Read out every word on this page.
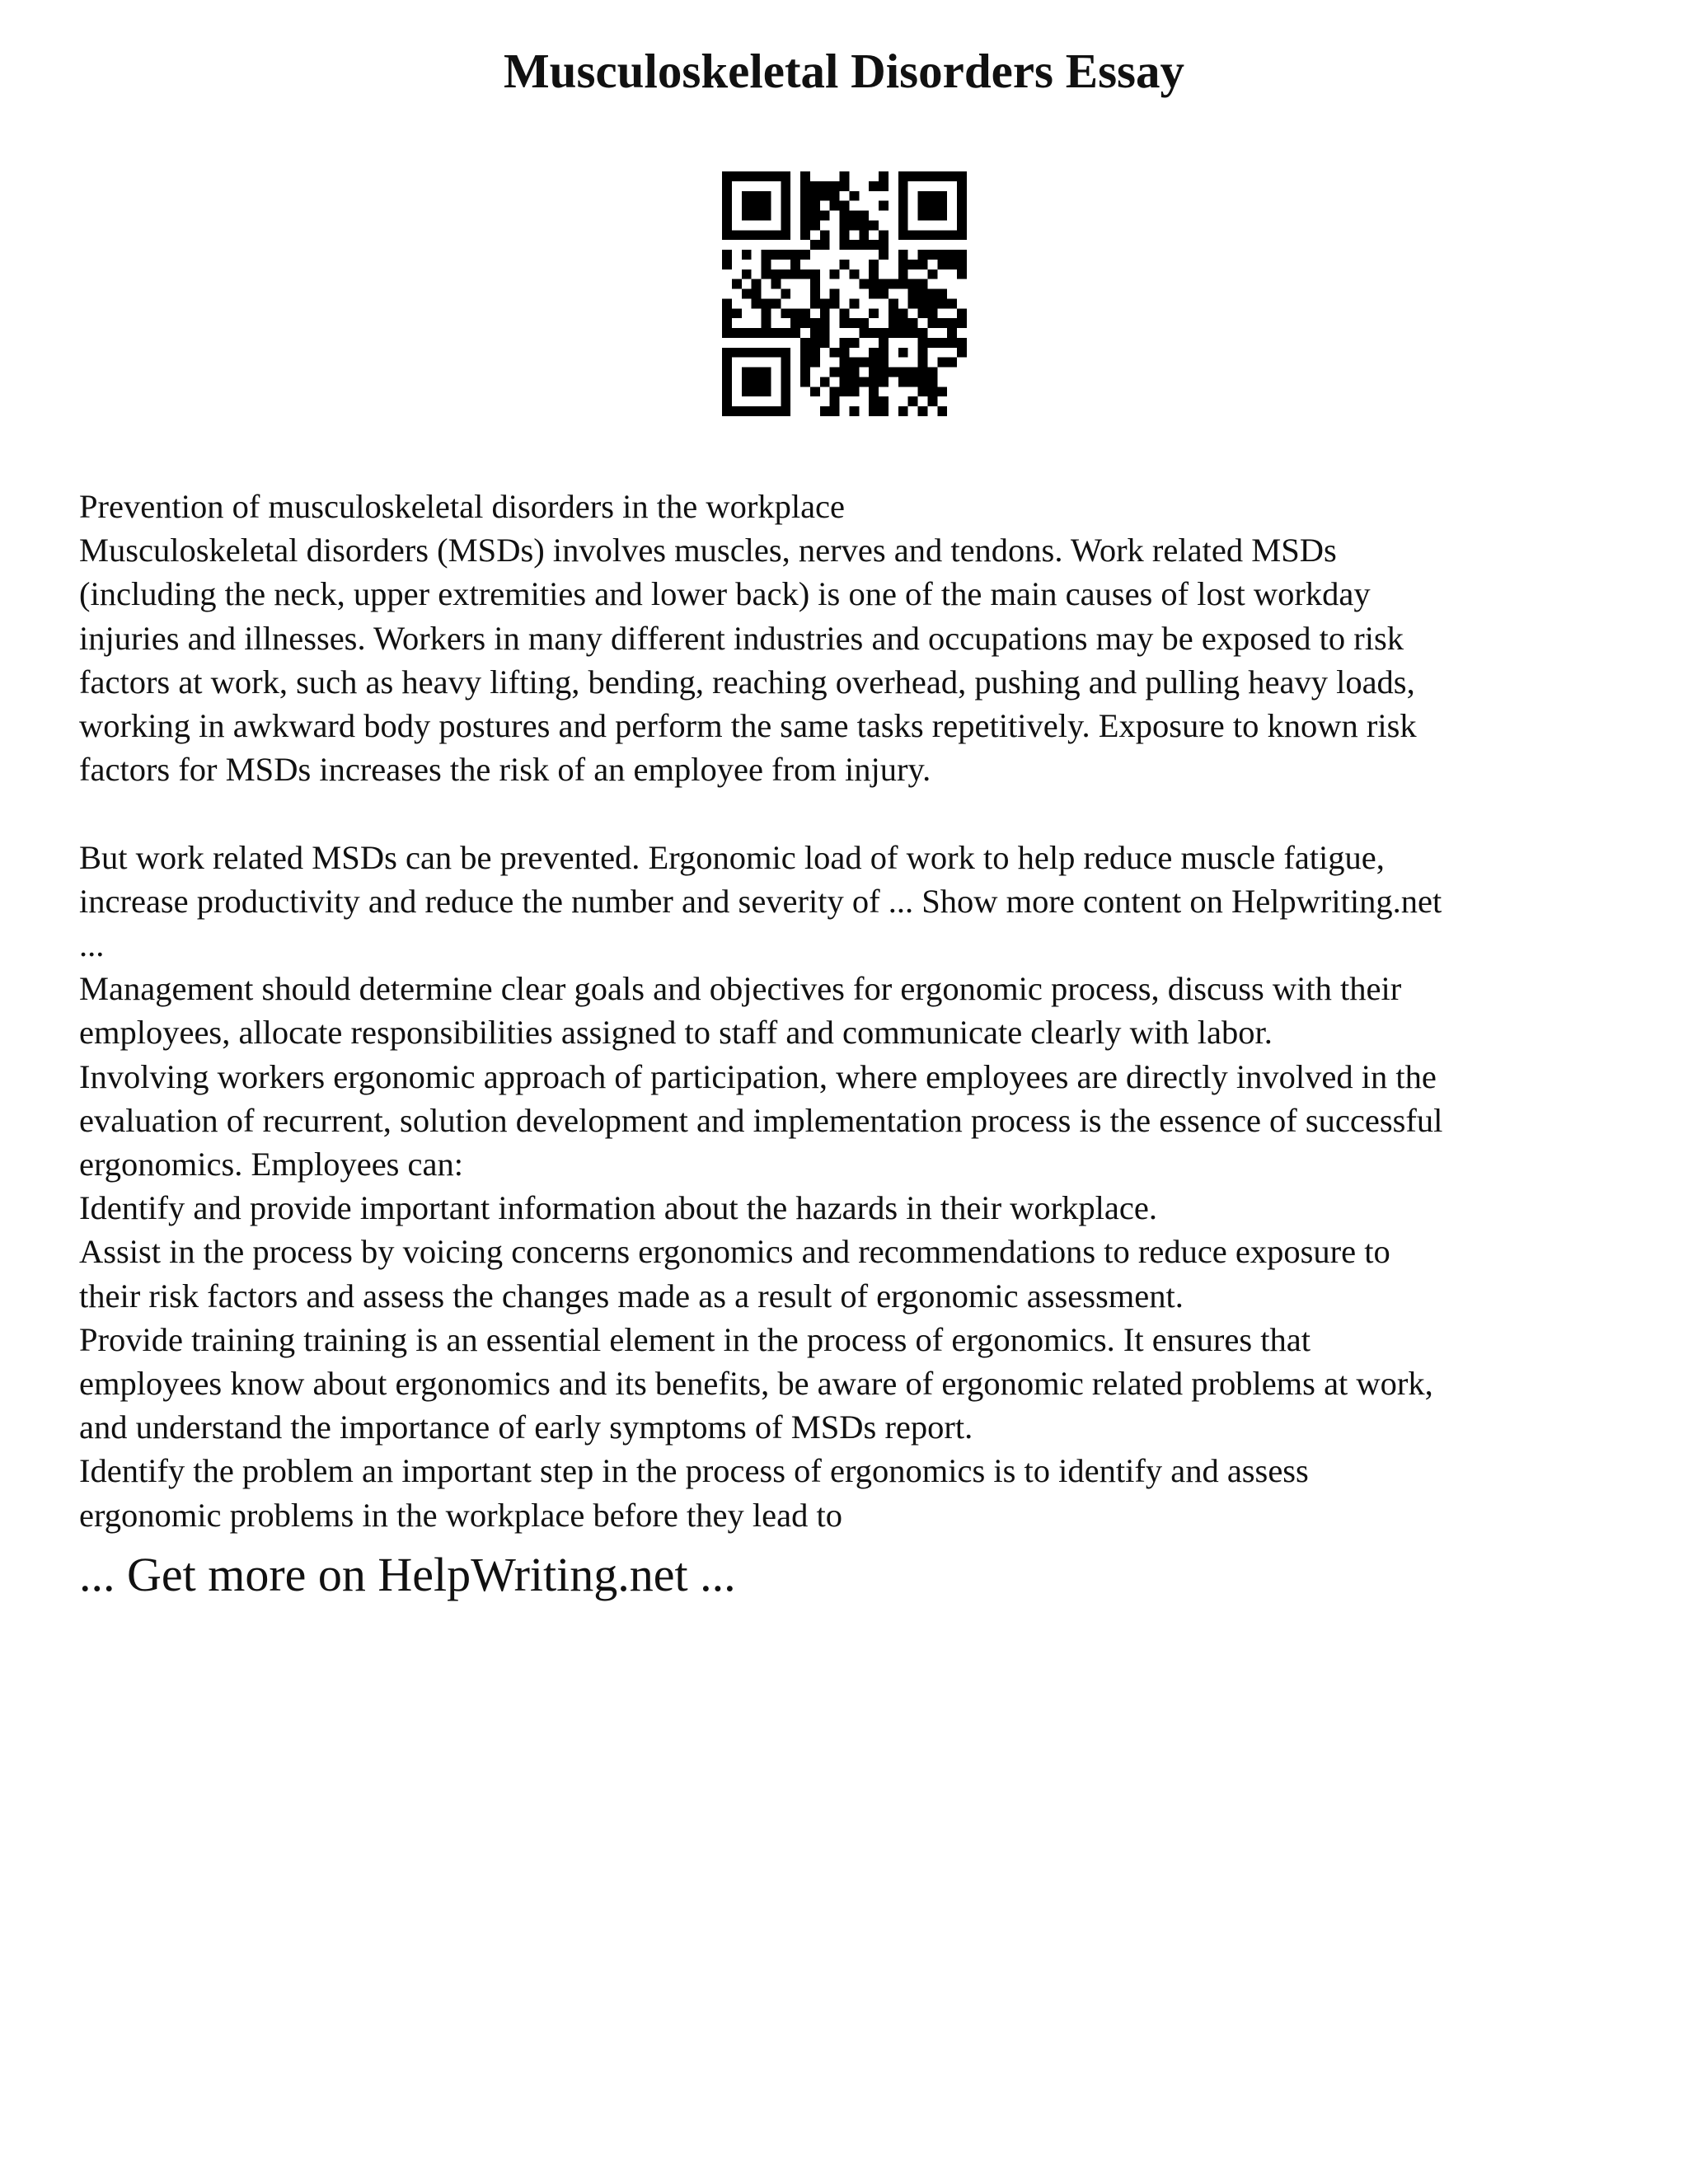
Musculoskeletal Disorders Essay
Prevention of musculoskeletal disorders in the workplace
Musculoskeletal disorders (MSDs) involves muscles, nerves and tendons. Work related MSDs
(including the neck, upper extremities and lower back) is one of the main causes of lost workday
injuries and illnesses. Workers in many different industries and occupations may be exposed to risk
factors at work, such as heavy lifting, bending, reaching overhead, pushing and pulling heavy loads,
working in awkward body postures and perform the same tasks repetitively. Exposure to known risk
factors for MSDs increases the risk of an employee from injury.
But work related MSDs can be prevented. Ergonomic load of work to help reduce muscle fatigue,
increase productivity and reduce the number and severity of ... Show more content on Helpwriting.net
...
Management should determine clear goals and objectives for ergonomic process, discuss with their
employees, allocate responsibilities assigned to staff and communicate clearly with labor.
Involving workers ergonomic approach of participation, where employees are directly involved in the
evaluation of recurrent, solution development and implementation process is the essence of successful
ergonomics. Employees can:
Identify and provide important information about the hazards in their workplace.
Assist in the process by voicing concerns ergonomics and recommendations to reduce exposure to
their risk factors and assess the changes made as a result of ergonomic assessment.
Provide training training is an essential element in the process of ergonomics. It ensures that
employees know about ergonomics and its benefits, be aware of ergonomic related problems at work,
and understand the importance of early symptoms of MSDs report.
Identify the problem an important step in the process of ergonomics is to identify and assess
ergonomic problems in the workplace before they lead to
... Get more on HelpWriting.net ...
